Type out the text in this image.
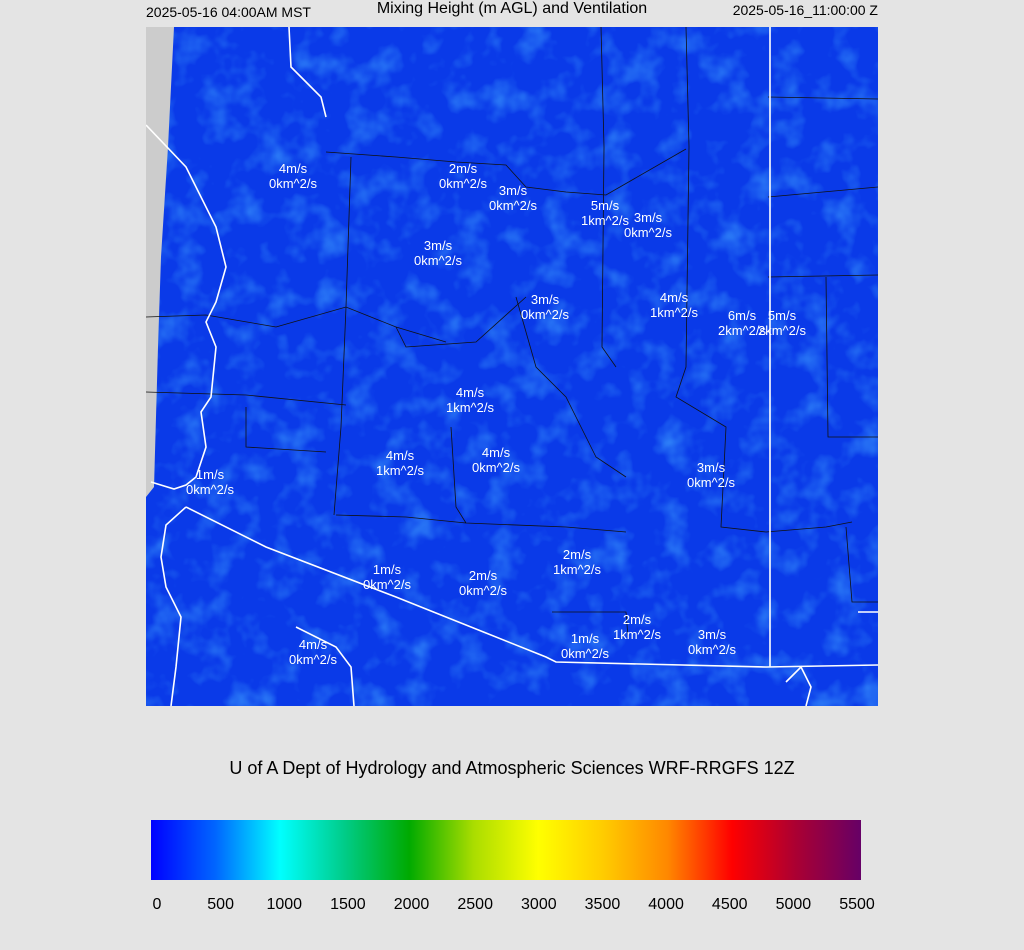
2025-05-16 04:00AM MST	Mixing Height (m AGL) and Ventilation	2025-05-16_11:00:00 Z
4m/s
0km^2/s
2m/s
0km^2/s 3m/s
0km^2/s	5m/s
1km^2/s 3m/s
0km^2/s
3m/s
0km^2/s
3m/s
0km^2/s
4m/s
1km^2/s	6m/s
2km^2/s
5m/s
2km^2/s
4m/s
1km^2/s
4m/s
1km^2/s
4m/s
0km^2/s
1m/s
0km^2/s
3m/s
0km^2/s
2m/s
1km^2/s
1m/s
0km^2/s
2m/s
0km^2/s
2m/s
1km^2/s
1m/s
0km^2/s
3m/s
0km^2/s
4m/s
0km^2/s
U of A Dept of Hydrology and Atmospheric Sciences WRF-RRGFS 12Z
0	500 1000 1500 2000 2500 3000 3500 4000 4500 5000 5500
